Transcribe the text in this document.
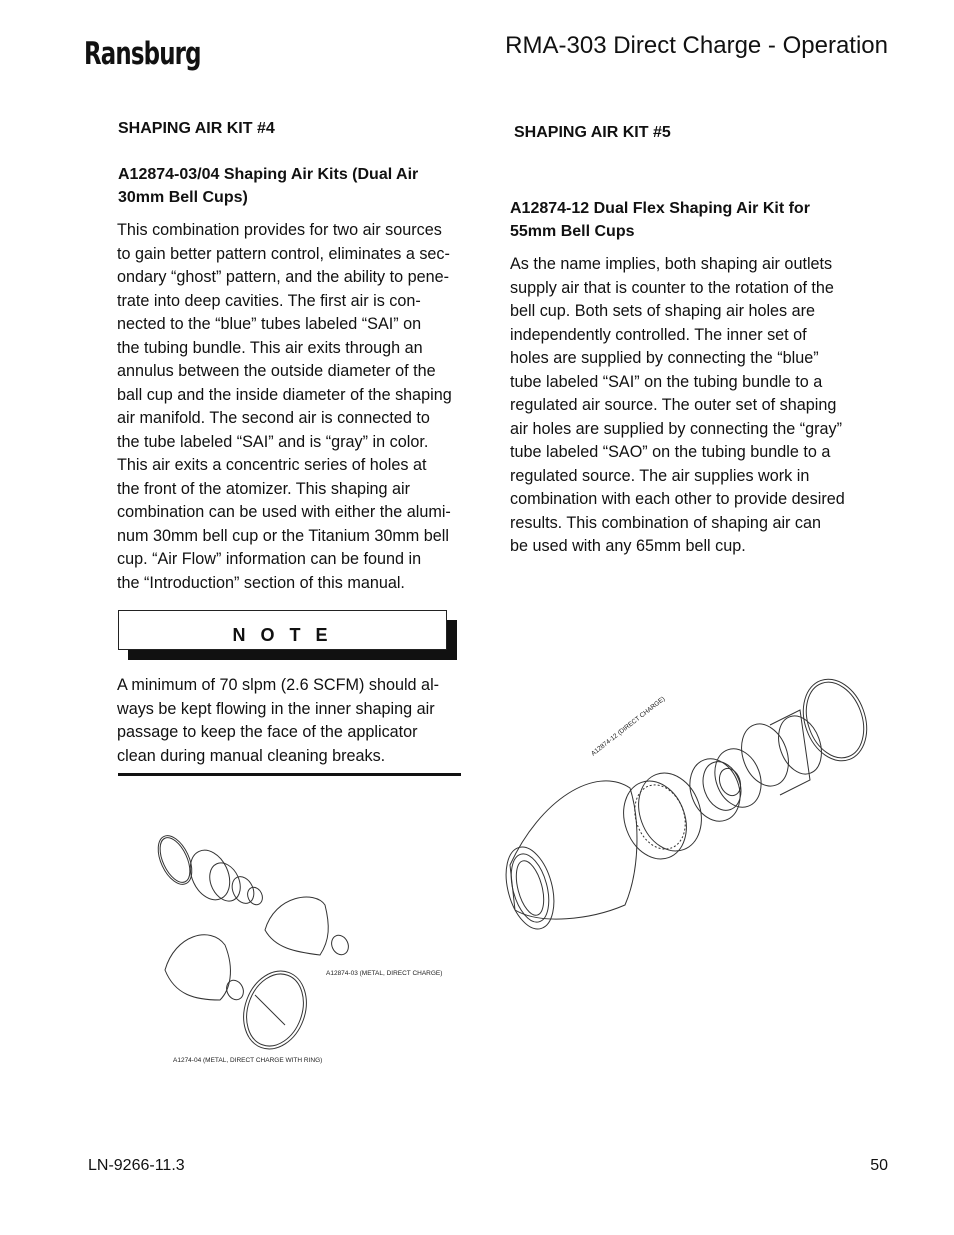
Ransburg	RMA-303 Direct Charge - Operation
SHAPING AIR KIT #4
A12874-03/04 Shaping Air Kits (Dual Air
30mm Bell Cups)

This combination provides for two air sources
to gain better pattern control, eliminates a sec-
ondary “ghost” pattern, and the ability to pene-
trate into deep cavities. The first air is con-
nected to the “blue” tubes labeled “SAI” on
the tubing bundle. This air exits through an
annulus between the outside diameter of the
ball cup and the inside diameter of the shaping
air manifold. The second air is connected to
the tube labeled “SAI” and is “gray” in color.
This air exits a concentric series of holes at
the front of the atomizer. This shaping air
combination can be used with either the alumi-
num 30mm bell cup or the Titanium 30mm bell
cup. “Air Flow” information can be found in
the “Introduction” section of this manual.

N O T E

A minimum of 70 slpm (2.6 SCFM) should al-
ways be kept flowing in the inner shaping air
passage to keep the face of the applicator
clean during manual cleaning breaks.

SHAPING AIR KIT #5
A12874-12 Dual Flex Shaping Air Kit for
55mm Bell Cups

As the name implies, both shaping air outlets
supply air that is counter to the rotation of the
bell cup. Both sets of shaping air holes are
independently controlled. The inner set of
holes are supplied by connecting the “blue”
tube labeled “SAI” on the tubing bundle to a
regulated air source. The outer set of shaping
air holes are supplied by connecting the “gray”
tube labeled “SAO” on the tubing bundle to a
regulated source. The air supplies work in
combination with each other to provide desired
results. This combination of shaping air can
be used with any 65mm bell cup.

A12874-12 (DIRECT CHARGE)
A12874-03 (METAL, DIRECT CHARGE)
A1274-04 (METAL, DIRECT CHARGE WITH RING)
LN-9266-11.3	50
